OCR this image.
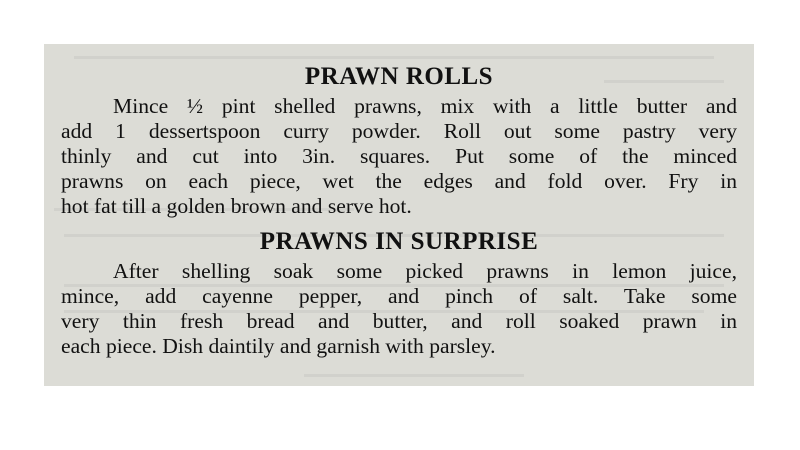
PRAWN ROLLS

Mince ½ pint shelled prawns, mix with a little butter and
add 1 dessertspoon curry powder. Roll out some pastry very
thinly and cut into 3in. squares. Put some of the minced
prawns on each piece, wet the edges and fold over. Fry in
hot fat till a golden brown and serve hot.

PRAWNS IN SURPRISE

After shelling soak some picked prawns in lemon juice,
mince, add cayenne pepper, and pinch of salt. Take some
very thin fresh bread and butter, and roll soaked prawn in
each piece. Dish daintily and garnish with parsley.
